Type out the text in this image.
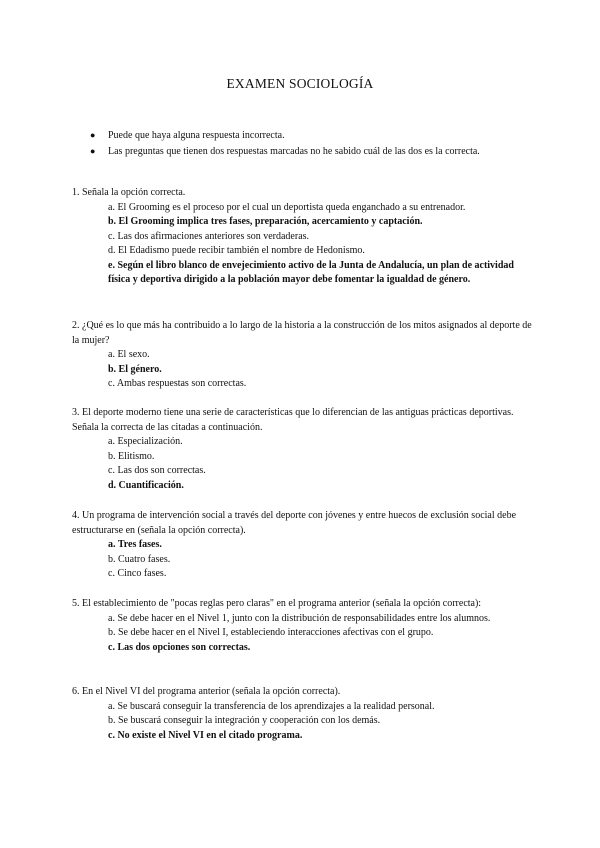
EXAMEN SOCIOLOGÍA
● Puede que haya alguna respuesta incorrecta.
● Las preguntas que tienen dos respuestas marcadas no he sabido cuál de las dos es la correcta.

1. Señala la opción correcta.

a. El Grooming es el proceso por el cual un deportista queda enganchado a su entrenador.

b. El Grooming implica tres fases, preparación, acercamiento y captación.

c. Las dos afirmaciones anteriores son verdaderas.

d. El Edadismo puede recibir también el nombre de Hedonismo.

e. Según el libro blanco de envejecimiento activo de la Junta de Andalucía, un plan de actividad física y deportiva dirigido a la población mayor debe fomentar la igualdad de género.

2. ¿Qué es lo que más ha contribuido a lo largo de la historia a la construcción de los mitos asignados al deporte de la mujer?

a. El sexo.

b. El género.

c. Ambas respuestas son correctas.

3. El deporte moderno tiene una serie de características que lo diferencian de las antiguas prácticas deportivas. Señala la correcta de las citadas a continuación.

a. Especialización.

b. Elitismo.

c. Las dos son correctas.

d. Cuantificación.

4. Un programa de intervención social a través del deporte con jóvenes y entre huecos de exclusión social debe estructurarse en (señala la opción correcta).

a. Tres fases.

b. Cuatro fases.

c. Cinco fases.

5. El establecimiento de "pocas reglas pero claras" en el programa anterior (señala la opción correcta):

a. Se debe hacer en el Nivel 1, junto con la distribución de responsabilidades entre los alumnos.

b. Se debe hacer en el Nivel I, estableciendo interacciones afectivas con el grupo.

c. Las dos opciones son correctas.

6. En el Nivel VI del programa anterior (señala la opción correcta).

a. Se buscará conseguir la transferencia de los aprendizajes a la realidad personal.

b. Se buscará conseguir la integración y cooperación con los demás.

c. No existe el Nivel VI en el citado programa.
